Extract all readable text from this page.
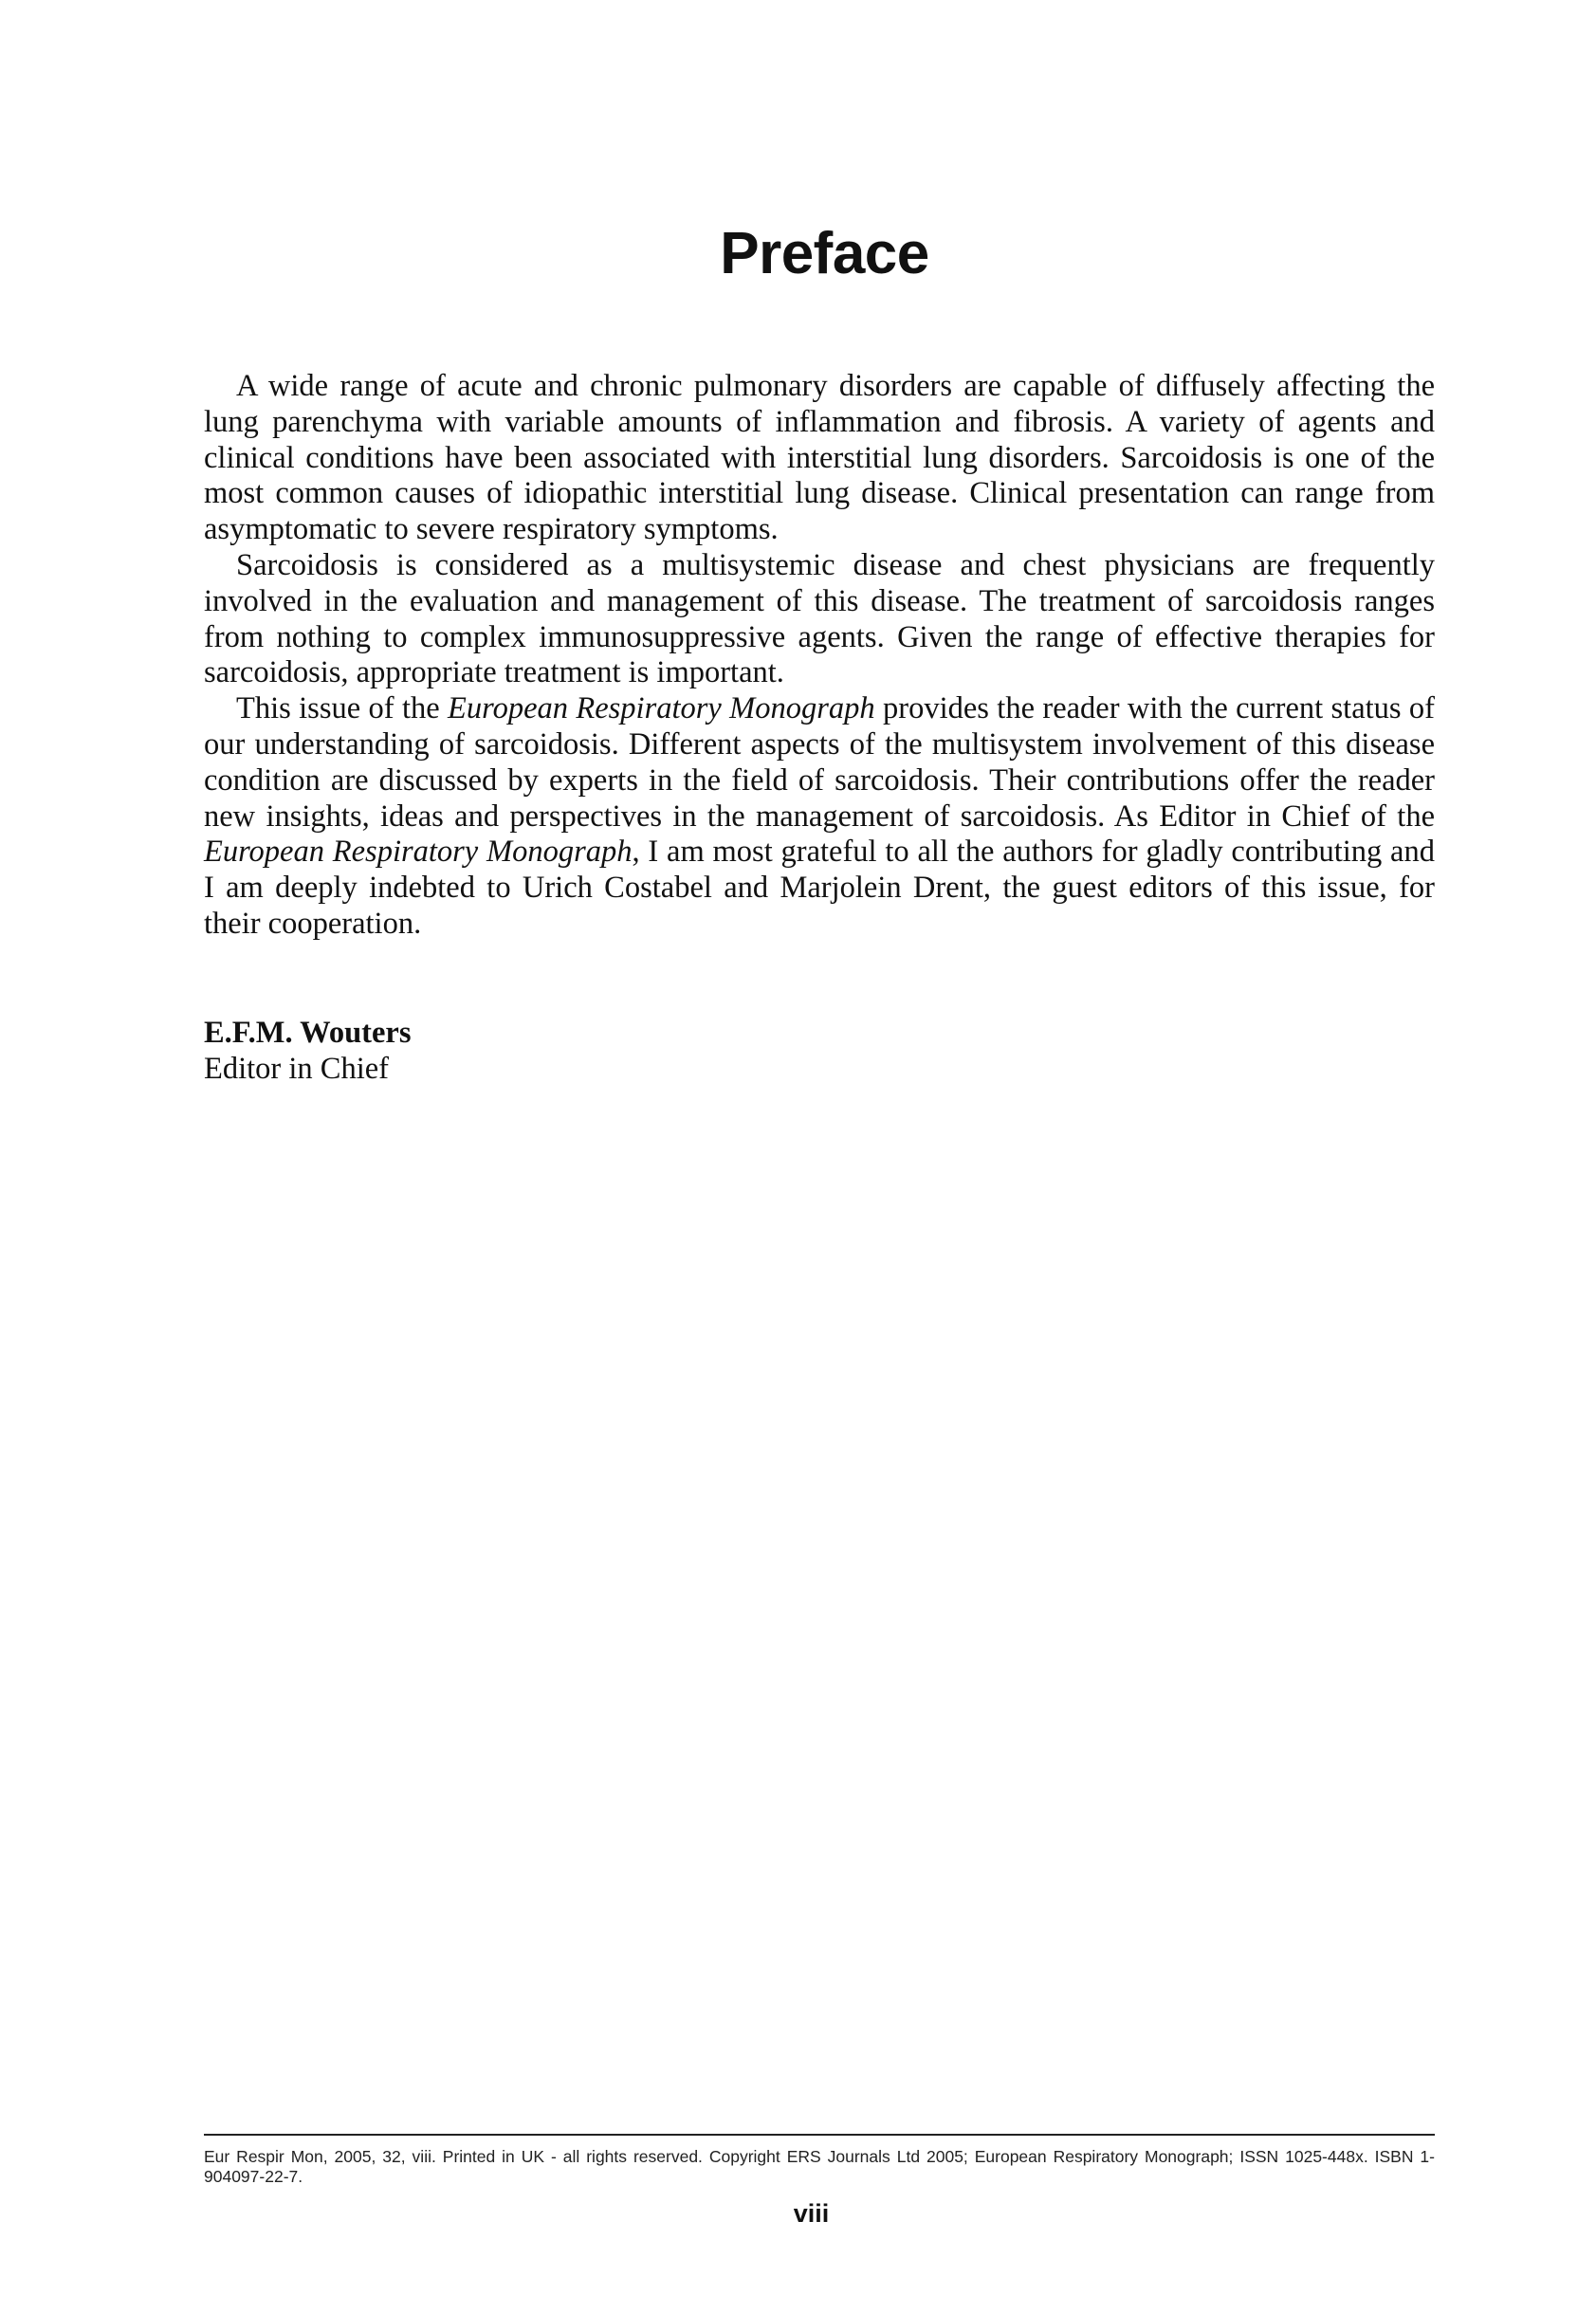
Preface

A wide range of acute and chronic pulmonary disorders are capable of diffusely affecting the lung parenchyma with variable amounts of inflammation and fibrosis. A variety of agents and clinical conditions have been associated with interstitial lung disorders. Sarcoidosis is one of the most common causes of idiopathic interstitial lung disease. Clinical presentation can range from asymptomatic to severe respiratory symptoms.

Sarcoidosis is considered as a multisystemic disease and chest physicians are frequently involved in the evaluation and management of this disease. The treatment of sarcoidosis ranges from nothing to complex immunosuppressive agents. Given the range of effective therapies for sarcoidosis, appropriate treatment is important.

This issue of the European Respiratory Monograph provides the reader with the current status of our understanding of sarcoidosis. Different aspects of the multisystem involvement of this disease condition are discussed by experts in the field of sarcoidosis. Their contributions offer the reader new insights, ideas and perspectives in the management of sarcoidosis. As Editor in Chief of the European Respiratory Monograph, I am most grateful to all the authors for gladly contributing and I am deeply indebted to Urich Costabel and Marjolein Drent, the guest editors of this issue, for their cooperation.

E.F.M. Wouters
Editor in Chief
Eur Respir Mon, 2005, 32, viii. Printed in UK - all rights reserved. Copyright ERS Journals Ltd 2005; European Respiratory Monograph; ISSN 1025-448x. ISBN 1-904097-22-7.
viii
